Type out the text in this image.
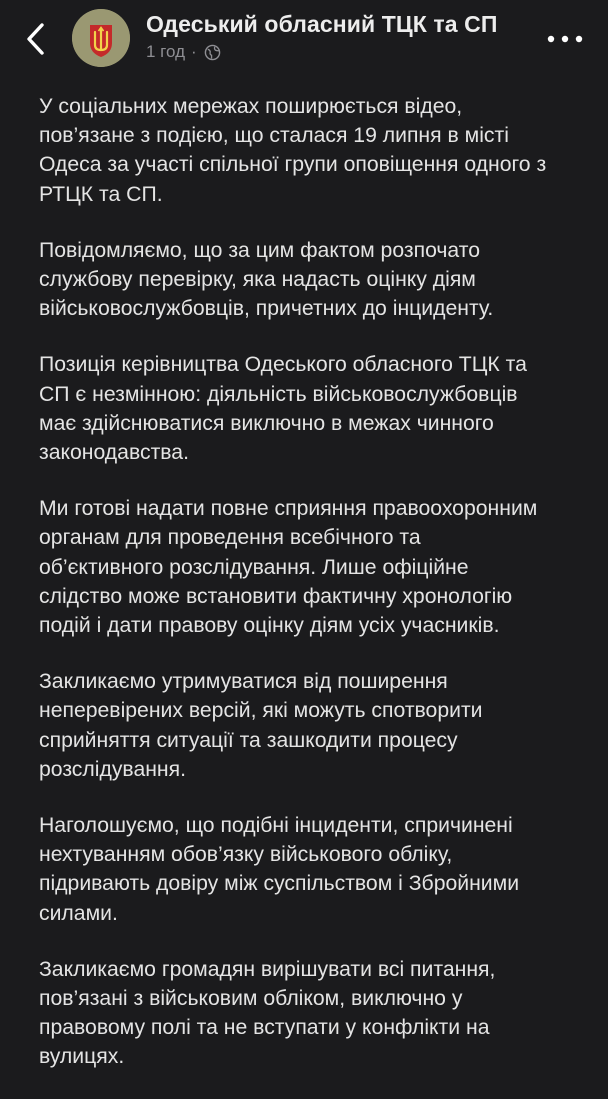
Одеський обласний ТЦК та СП
1 год ·

У соціальних мережах поширюється відео,
пов’язане з подією, що сталася 19 липня в місті
Одеса за участі спільної групи оповіщення одного з
РТЦК та СП.

Повідомляємо, що за цим фактом розпочато
службову перевірку, яка надасть оцінку діям
військовослужбовців, причетних до інциденту.

Позиція керівництва Одеського обласного ТЦК та
СП є незмінною: діяльність військовослужбовців
має здійснюватися виключно в межах чинного
законодавства.

Ми готові надати повне сприяння правоохоронним
органам для проведення всебічного та
об’єктивного розслідування. Лише офіційне
слідство може встановити фактичну хронологію
подій і дати правову оцінку діям усіх учасників.

Закликаємо утримуватися від поширення
неперевірених версій, які можуть спотворити
сприйняття ситуації та зашкодити процесу
розслідування.

Наголошуємо, що подібні інциденти, спричинені
нехтуванням обов’язку військового обліку,
підривають довіру між суспільством і Збройними
силами.

Закликаємо громадян вирішувати всі питання,
пов’язані з військовим обліком, виключно у
правовому полі та не вступати у конфлікти на
вулицях.
